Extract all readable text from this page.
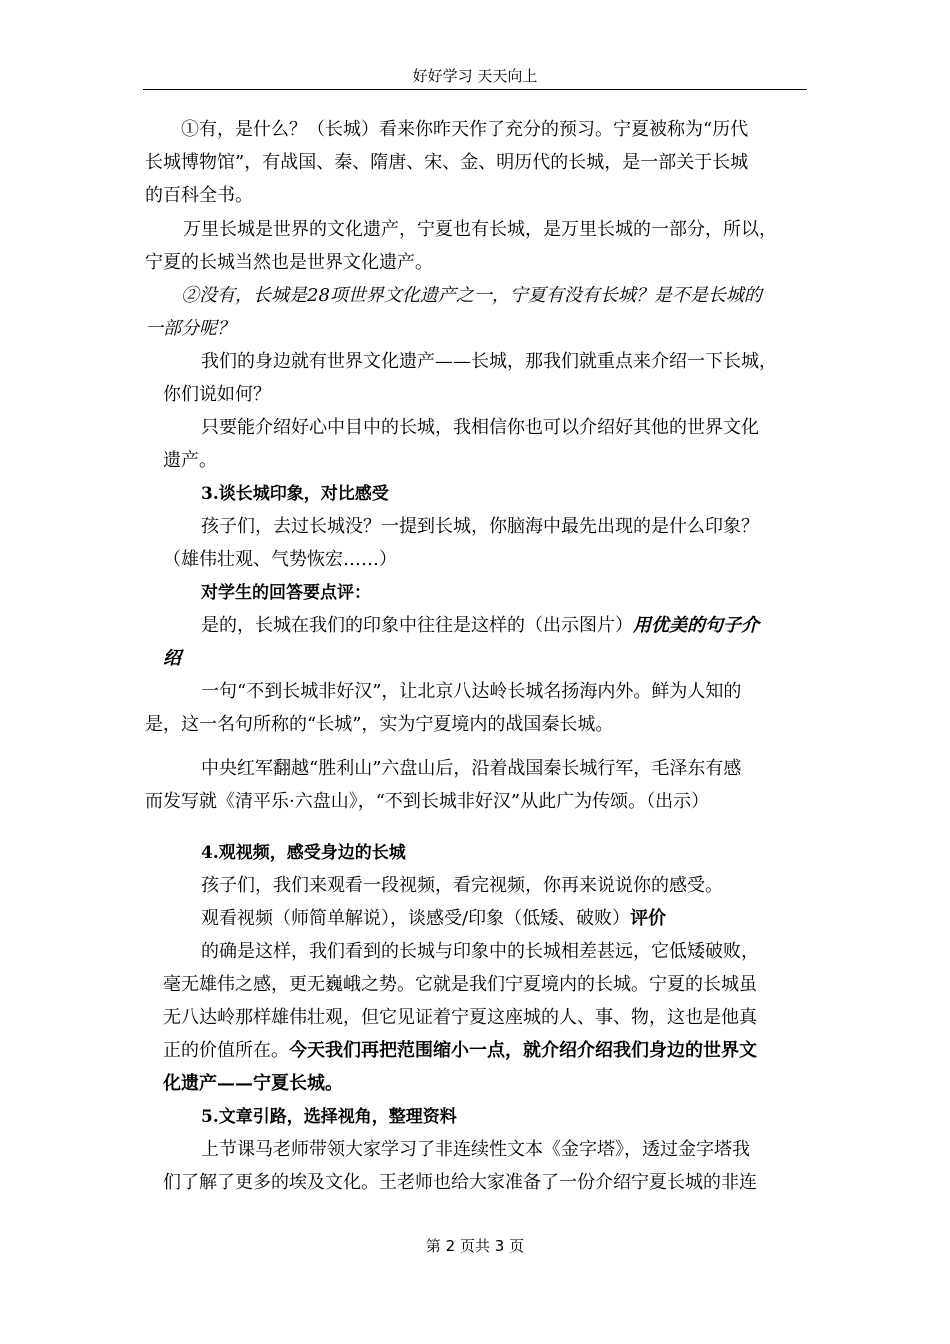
好好学习 天天向上
①有，是什么？（长城）看来你昨天作了充分的预习。宁夏被称为“历代
长城博物馆”，有战国、秦、隋唐、宋、金、明历代的长城，是一部关于长城
的百科全书。
万里长城是世界的文化遗产，宁夏也有长城，是万里长城的一部分，所以，
宁夏的长城当然也是世界文化遗产。
②没有，长城是28项世界文化遗产之一，宁夏有没有长城？是不是长城的
一部分呢？
我们的身边就有世界文化遗产——长城，那我们就重点来介绍一下长城，
你们说如何？
只要能介绍好心中目中的长城，我相信你也可以介绍好其他的世界文化
遗产。
3.谈长城印象，对比感受
孩子们，去过长城没？一提到长城，你脑海中最先出现的是什么印象？
（雄伟壮观、气势恢宏……）
对学生的回答要点评：
是的，长城在我们的印象中往往是这样的（出示图片）用优美的句子介
绍
一句“不到长城非好汉”，让北京八达岭长城名扬海内外。鲜为人知的
是，这一名句所称的“长城”，实为宁夏境内的战国秦长城。
中央红军翻越“胜利山”六盘山后，沿着战国秦长城行军，毛泽东有感
而发写就《清平乐·六盘山》，“不到长城非好汉”从此广为传颂。（出示）
4.观视频，感受身边的长城
孩子们，我们来观看一段视频，看完视频，你再来说说你的感受。
观看视频（师简单解说），谈感受/印象（低矮、破败）评价
的确是这样，我们看到的长城与印象中的长城相差甚远，它低矮破败，
毫无雄伟之感，更无巍峨之势。它就是我们宁夏境内的长城。宁夏的长城虽
无八达岭那样雄伟壮观，但它见证着宁夏这座城的人、事、物，这也是他真
正的价值所在。今天我们再把范围缩小一点，就介绍介绍我们身边的世界文
化遗产——宁夏长城。
5.文章引路，选择视角，整理资料
上节课马老师带领大家学习了非连续性文本《金字塔》，透过金字塔我
们了解了更多的埃及文化。王老师也给大家准备了一份介绍宁夏长城的非连
第 2 页共 3 页
